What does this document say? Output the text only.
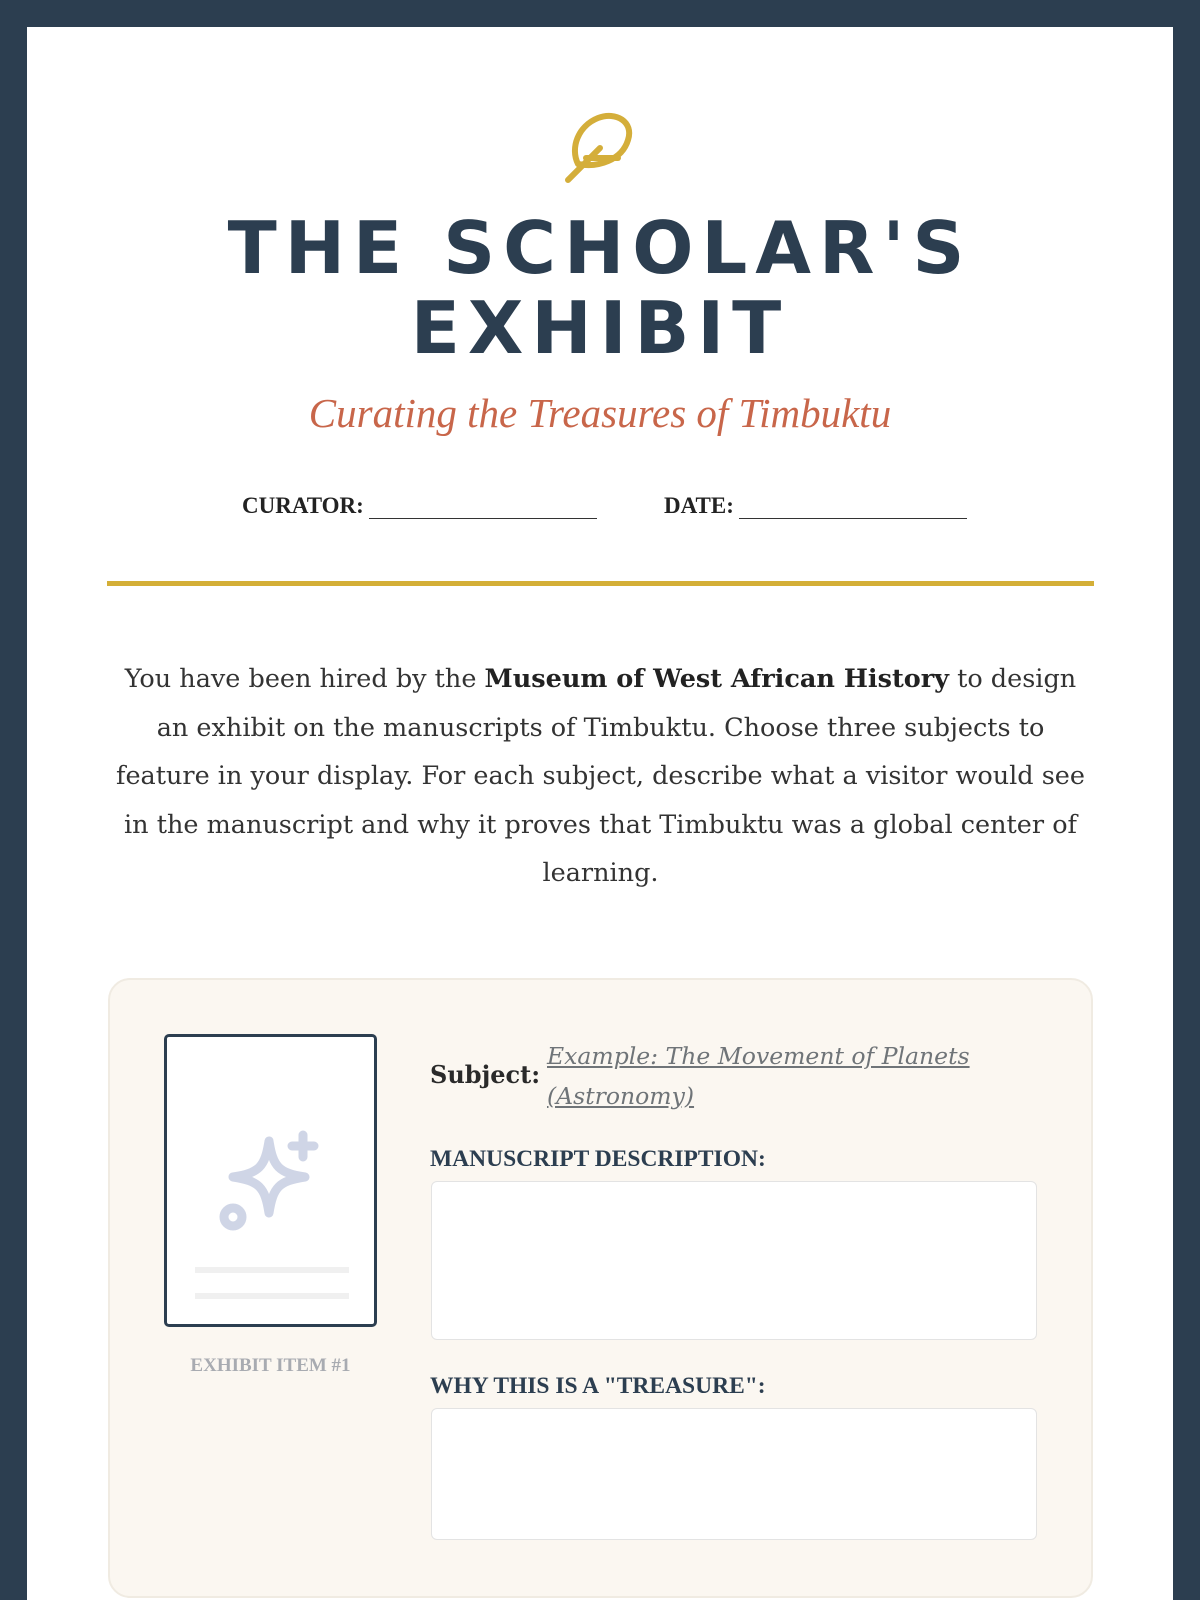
THE SCHOLAR'S
EXHIBIT
Curating the Treasures of Timbuktu
CURATOR:	DATE:
You have been hired by the Museum of West African History to design an exhibit on the manuscripts of Timbuktu. Choose three subjects to feature in your display. For each subject, describe what a visitor would see in the manuscript and why it proves that Timbuktu was a global center of learning.
EXHIBIT ITEM #1
Subject:
Example: The Movement of Planets (Astronomy)
MANUSCRIPT DESCRIPTION:
WHY THIS IS A "TREASURE":
